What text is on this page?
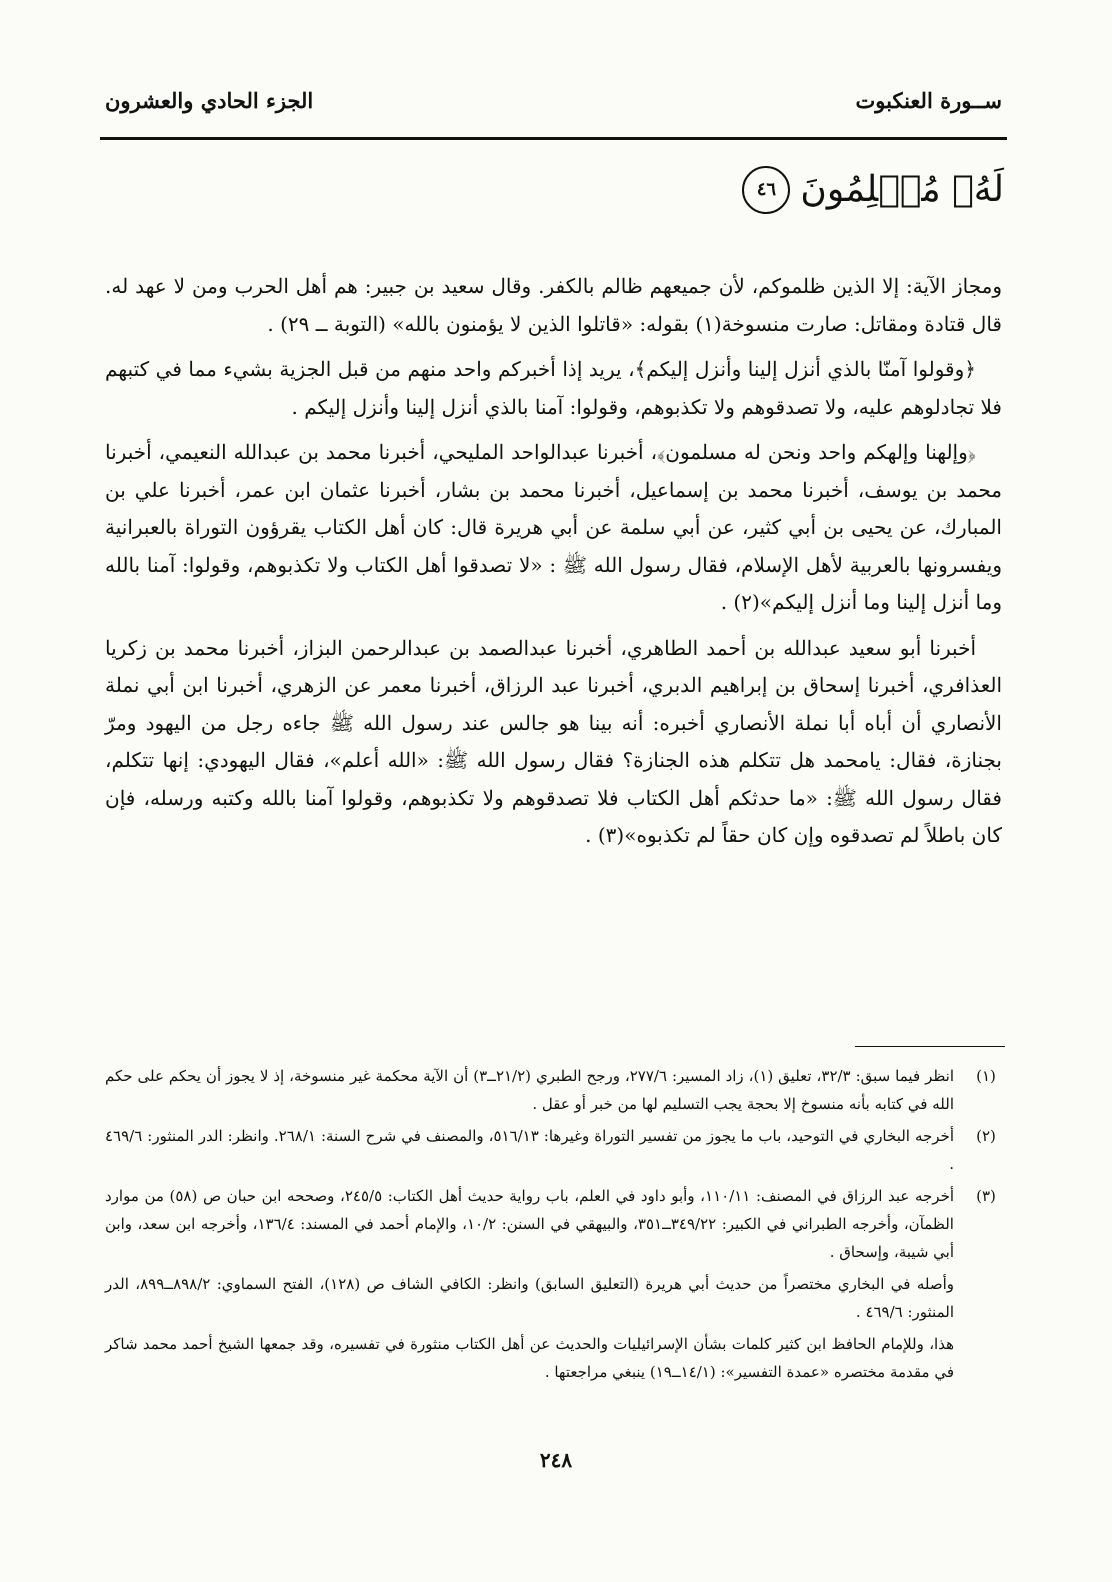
ســورة العنكبوت
الجزء الحادي والعشرون
لَهُۥ مُسۡلِمُونَ
٤٦

ومجاز الآية: إلا الذين ظلموكم، لأن جميعهم ظالم بالكفر. وقال سعيد بن جبير: هم أهل الحرب ومن لا عهد له. قال قتادة ومقاتل: صارت منسوخة(١) بقوله: «قاتلوا الذين لا يؤمنون بالله» (التوبة ــ ٢٩) .

﴿وقولوا آمنّا بالذي أنزل إلينا وأنزل إليكم﴾، يريد إذا أخبركم واحد منهم من قبل الجزية بشيء مما في كتبهم فلا تجادلوهم عليه، ولا تصدقوهم ولا تكذبوهم، وقولوا: آمنا بالذي أنزل إلينا وأنزل إليكم .

﴿وإلهنا وإلهكم واحد ونحن له مسلمون﴾، أخبرنا عبدالواحد المليحي، أخبرنا محمد بن عبدالله النعيمي، أخبرنا محمد بن يوسف، أخبرنا محمد بن إسماعيل، أخبرنا محمد بن بشار، أخبرنا عثمان ابن عمر، أخبرنا علي بن المبارك، عن يحيى بن أبي كثير، عن أبي سلمة عن أبي هريرة قال: كان أهل الكتاب يقرؤون التوراة بالعبرانية ويفسرونها بالعربية لأهل الإسلام، فقال رسول الله ﷺ : «لا تصدقوا أهل الكتاب ولا تكذبوهم، وقولوا: آمنا بالله وما أنزل إلينا وما أنزل إليكم»(٢) .

أخبرنا أبو سعيد عبدالله بن أحمد الطاهري، أخبرنا عبدالصمد بن عبدالرحمن البزاز، أخبرنا محمد بن زكريا العذافري، أخبرنا إسحاق بن إبراهيم الدبري، أخبرنا عبد الرزاق، أخبرنا معمر عن الزهري، أخبرنا ابن أبي نملة الأنصاري أن أباه أبا نملة الأنصاري أخبره: أنه بينا هو جالس عند رسول الله ﷺ جاءه رجل من اليهود ومرّ بجنازة، فقال: يامحمد هل تتكلم هذه الجنازة؟ فقال رسول الله ﷺ: «الله أعلم»، فقال اليهودي: إنها تتكلم، فقال رسول الله ﷺ: «ما حدثكم أهل الكتاب فلا تصدقوهم ولا تكذبوهم، وقولوا آمنا بالله وكتبه ورسله، فإن كان باطلاً لم تصدقوه وإن كان حقاً لم تكذبوه»(٣) .

(١)
انظر فيما سبق: ٣٢/٣، تعليق (١)، زاد المسير: ٢٧٧/٦، ورجح الطبري (٢١/٢ــ٣) أن الآية محكمة غير منسوخة، إذ لا يجوز أن يحكم على حكم الله في كتابه بأنه منسوخ إلا بحجة يجب التسليم لها من خبر أو عقل .
(٢)
أخرجه البخاري في التوحيد، باب ما يجوز من تفسير التوراة وغيرها: ٥١٦/١٣، والمصنف في شرح السنة: ٢٦٨/١. وانظر: الدر المنثور: ٤٦٩/٦ .
(٣)
أخرجه عبد الرزاق في المصنف: ١١٠/١١، وأبو داود في العلم، باب رواية حديث أهل الكتاب: ٢٤٥/٥، وصححه ابن حبان ص (٥٨) من موارد الظمآن، وأخرجه الطبراني في الكبير: ٣٤٩/٢٢ــ٣٥١، والبيهقي في السنن: ١٠/٢، والإمام أحمد في المسند: ١٣٦/٤، وأخرجه ابن سعد، وابن أبي شيبة، وإسحاق .
وأصله في البخاري مختصراً من حديث أبي هريرة (التعليق السابق) وانظر: الكافي الشاف ص (١٢٨)، الفتح السماوي: ٨٩٨/٢ــ٨٩٩، الدر المنثور: ٤٦٩/٦ .
هذا، وللإمام الحافظ ابن كثير كلمات بشأن الإسرائيليات والحديث عن أهل الكتاب منثورة في تفسيره، وقد جمعها الشيخ أحمد محمد شاكر في مقدمة مختصره «عمدة التفسير»: (١٤/١ــ١٩) ينبغي مراجعتها .
٢٤٨
